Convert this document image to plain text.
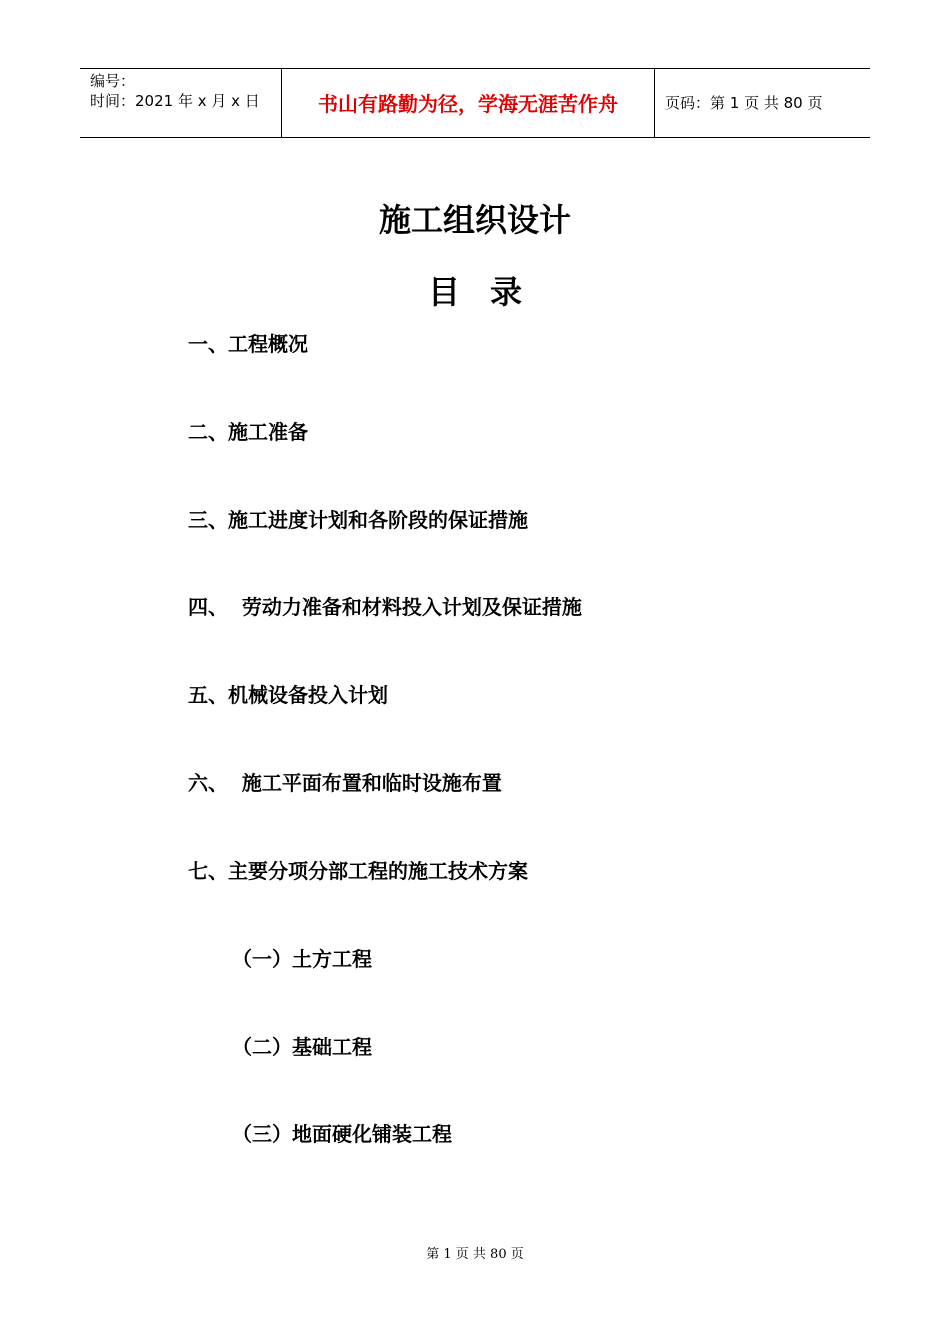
编号：
时间：2021 年 x 月 x 日	书山有路勤为径，学海无涯苦作舟	页码：第 1 页 共 80 页
施工组织设计
目录
一、工程概况
二、施工准备
三、施工进度计划和各阶段的保证措施
四、  劳动力准备和材料投入计划及保证措施
五、机械设备投入计划
六、  施工平面布置和临时设施布置
七、主要分项分部工程的施工技术方案
（一）土方工程
（二）基础工程
（三）地面硬化铺装工程
第 1 页 共 80 页
